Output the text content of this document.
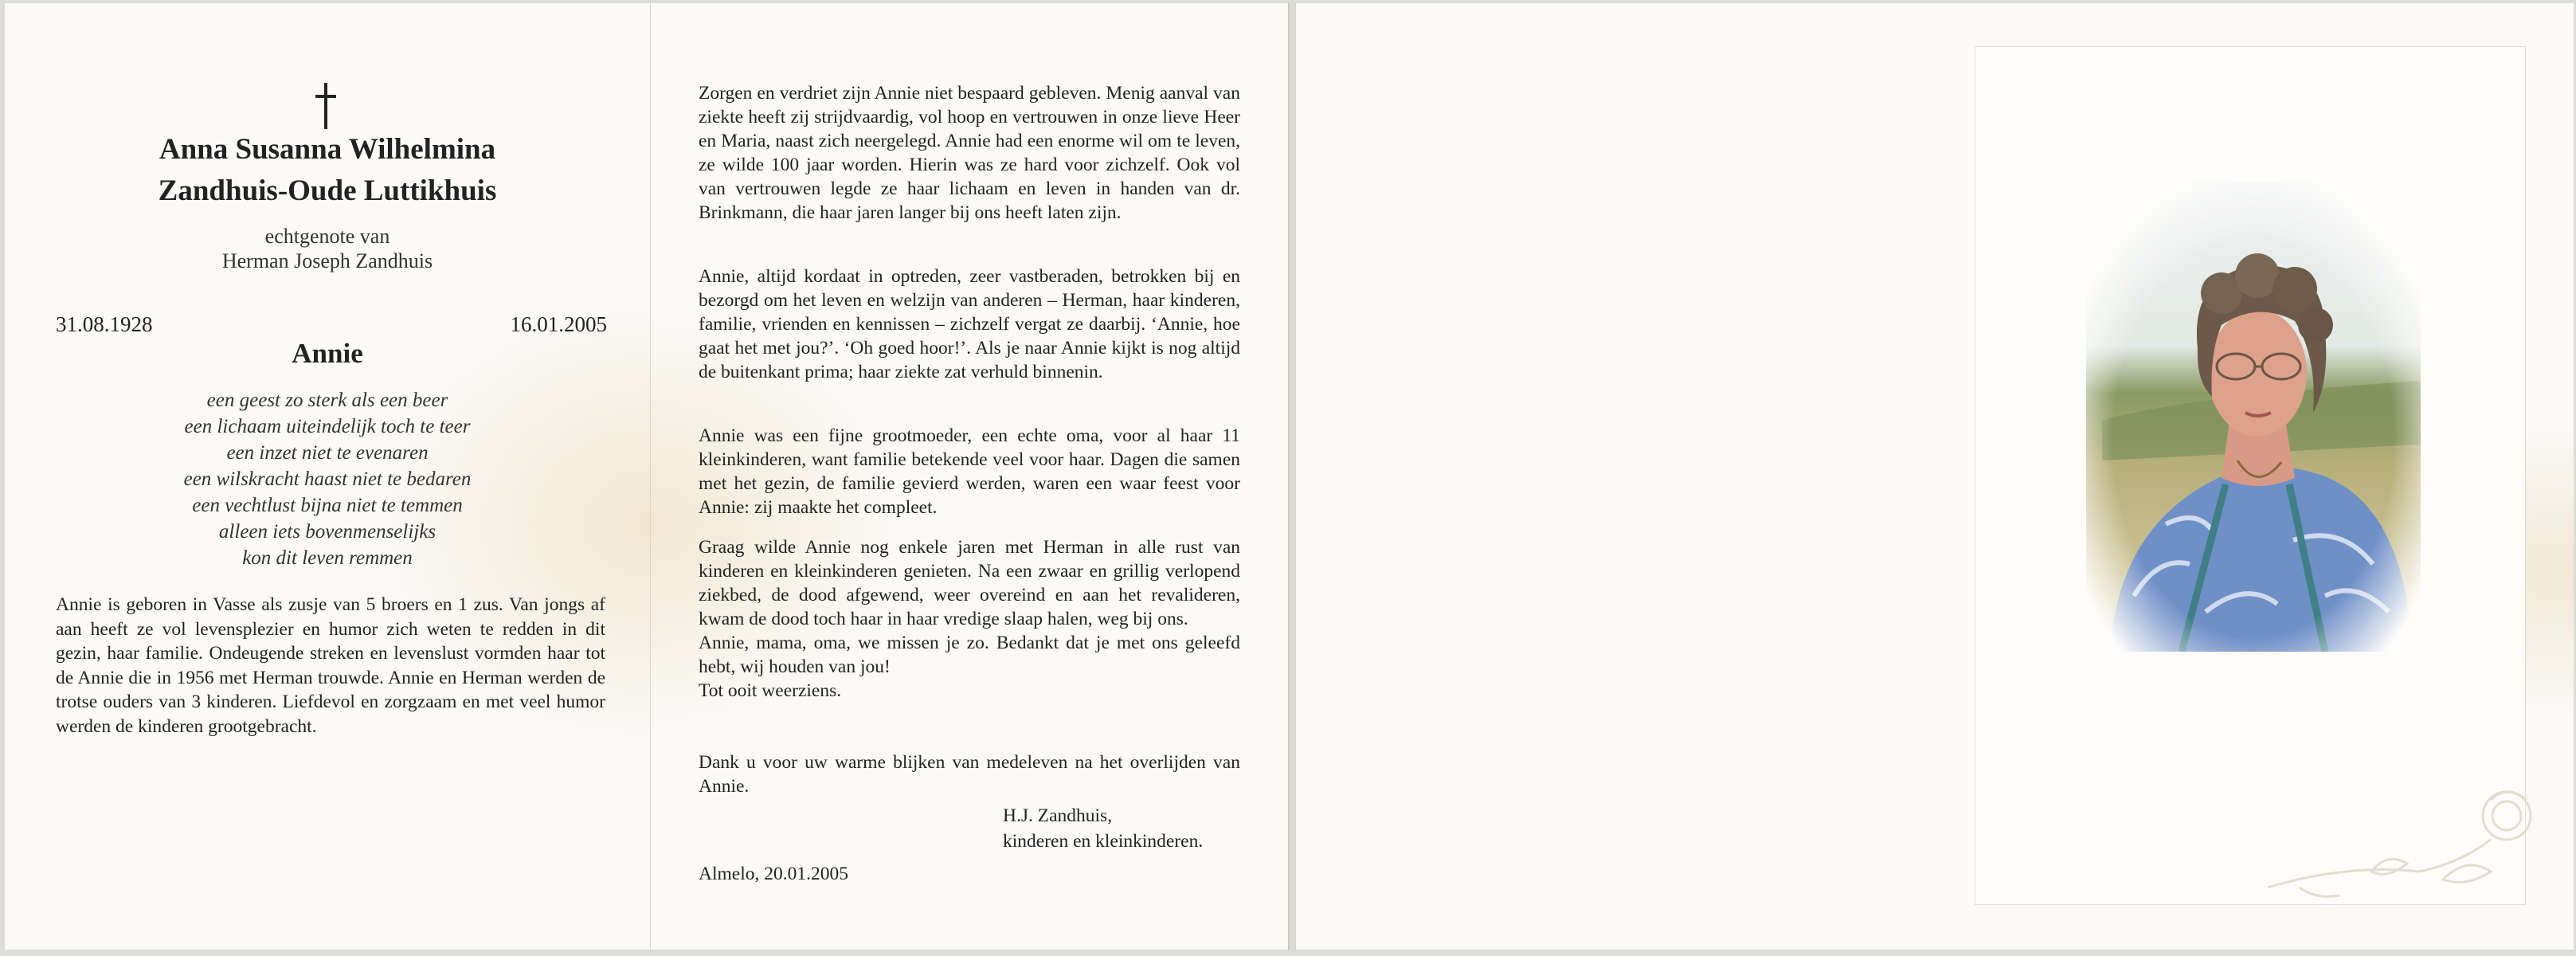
Anna Susanna Wilhelmina
Zandhuis-Oude Luttikhuis
echtgenote van
Herman Joseph Zandhuis
31.08.1928	16.01.2005
Annie
een geest zo sterk als een beer
een lichaam uiteindelijk toch te teer
een inzet niet te evenaren
een wilskracht haast niet te bedaren
een vechtlust bijna niet te temmen
alleen iets bovenmenselijks
kon dit leven remmen
Annie is geboren in Vasse als zusje van 5 broers en 1 zus. Van jongs af aan heeft ze vol levensplezier en humor zich weten te redden in dit gezin, haar familie. Ondeugende streken en levenslust vormden haar tot de Annie die in 1956 met Herman trouwde. Annie en Herman werden de trotse ouders van 3 kinderen. Liefdevol en zorgzaam en met veel humor werden de kinderen grootgebracht.

Zorgen en verdriet zijn Annie niet bespaard gebleven. Menig aanval van ziekte heeft zij strijdvaardig, vol hoop en vertrouwen in onze lieve Heer en Maria, naast zich neergelegd. Annie had een enorme wil om te leven, ze wilde 100 jaar worden. Hierin was ze hard voor zichzelf. Ook vol van vertrouwen legde ze haar lichaam en leven in handen van dr. Brinkmann, die haar jaren langer bij ons heeft laten zijn.

Annie, altijd kordaat in optreden, zeer vastberaden, betrokken bij en bezorgd om het leven en welzijn van anderen – Herman, haar kinderen, familie, vrienden en kennissen – zichzelf vergat ze daarbij. ‘Annie, hoe gaat het met jou?’. ‘Oh goed hoor!’. Als je naar Annie kijkt is nog altijd de buitenkant prima; haar ziekte zat verhuld binnenin.

Annie was een fijne grootmoeder, een echte oma, voor al haar 11 kleinkinderen, want familie betekende veel voor haar. Dagen die samen met het gezin, de familie gevierd werden, waren een waar feest voor Annie: zij maakte het compleet.

Graag wilde Annie nog enkele jaren met Herman in alle rust van kinderen en kleinkinderen genieten. Na een zwaar en grillig verlopend ziekbed, de dood afgewend, weer overeind en aan het revalideren, kwam de dood toch haar in haar vredige slaap halen, weg bij ons.

Annie, mama, oma, we missen je zo. Bedankt dat je met ons geleefd hebt, wij houden van jou!

Tot ooit weerziens.

Dank u voor uw warme blijken van medeleven na het overlijden van Annie.

H.J. Zandhuis,
kinderen en kleinkinderen.
Almelo, 20.01.2005
